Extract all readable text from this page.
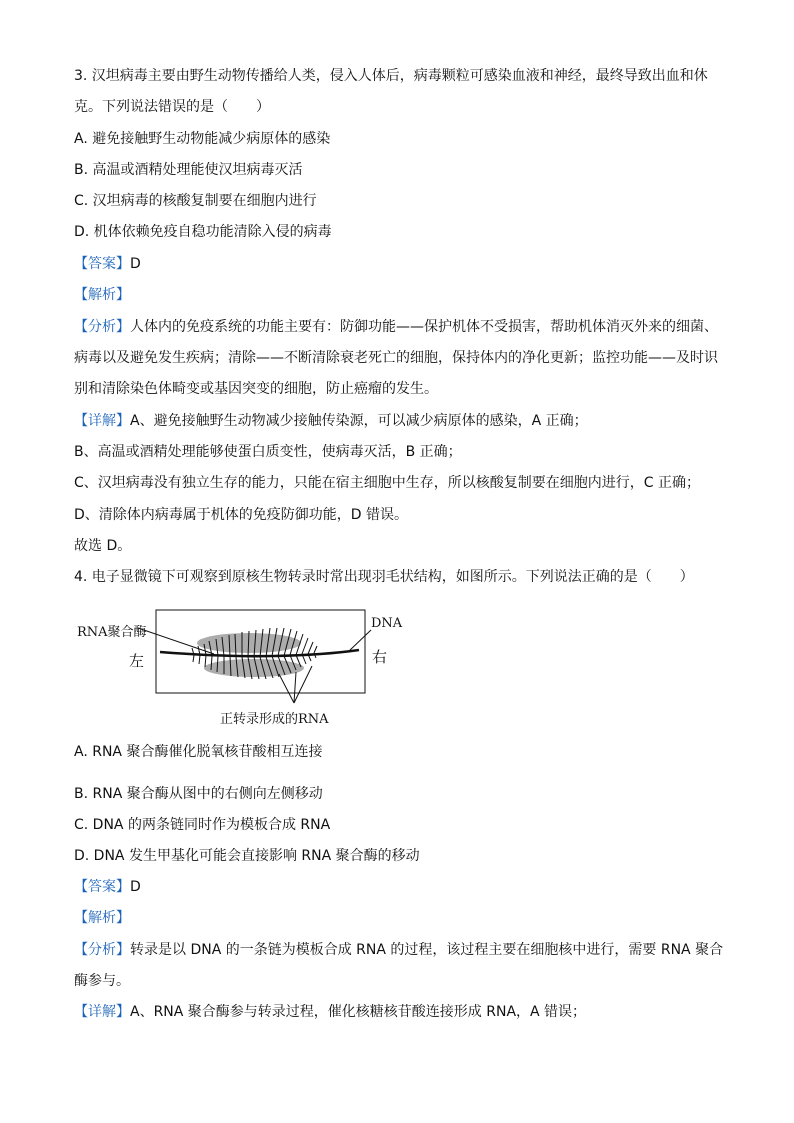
3. 汉坦病毒主要由野生动物传播给人类，侵入人体后，病毒颗粒可感染血液和神经，最终导致出血和休
克。下列说法错误的是（　　）
A. 避免接触野生动物能减少病原体的感染
B. 高温或酒精处理能使汉坦病毒灭活
C. 汉坦病毒的核酸复制要在细胞内进行
D. 机体依赖免疫自稳功能清除入侵的病毒
【答案】D
【解析】
【分析】人体内的免疫系统的功能主要有：防御功能——保护机体不受损害，帮助机体消灭外来的细菌、
病毒以及避免发生疾病；清除——不断清除衰老死亡的细胞，保持体内的净化更新；监控功能——及时识
别和清除染色体畸变或基因突变的细胞，防止癌瘤的发生。
【详解】A、避免接触野生动物减少接触传染源，可以减少病原体的感染，A 正确；
B、高温或酒精处理能够使蛋白质变性，使病毒灭活，B 正确；
C、汉坦病毒没有独立生存的能力，只能在宿主细胞中生存，所以核酸复制要在细胞内进行，C 正确；
D、清除体内病毒属于机体的免疫防御功能，D 错误。
故选 D。
4. 电子显微镜下可观察到原核生物转录时常出现羽毛状结构，如图所示。下列说法正确的是（　　）
RNA聚合酶
DNA
左	右
正转录形成的RNA
A. RNA 聚合酶催化脱氧核苷酸相互连接
B. RNA 聚合酶从图中的右侧向左侧移动
C. DNA 的两条链同时作为模板合成 RNA
D. DNA 发生甲基化可能会直接影响 RNA 聚合酶的移动
【答案】D
【解析】
【分析】转录是以 DNA 的一条链为模板合成 RNA 的过程，该过程主要在细胞核中进行，需要 RNA 聚合
酶参与。
【详解】A、RNA 聚合酶参与转录过程，催化核糖核苷酸连接形成 RNA，A 错误；
